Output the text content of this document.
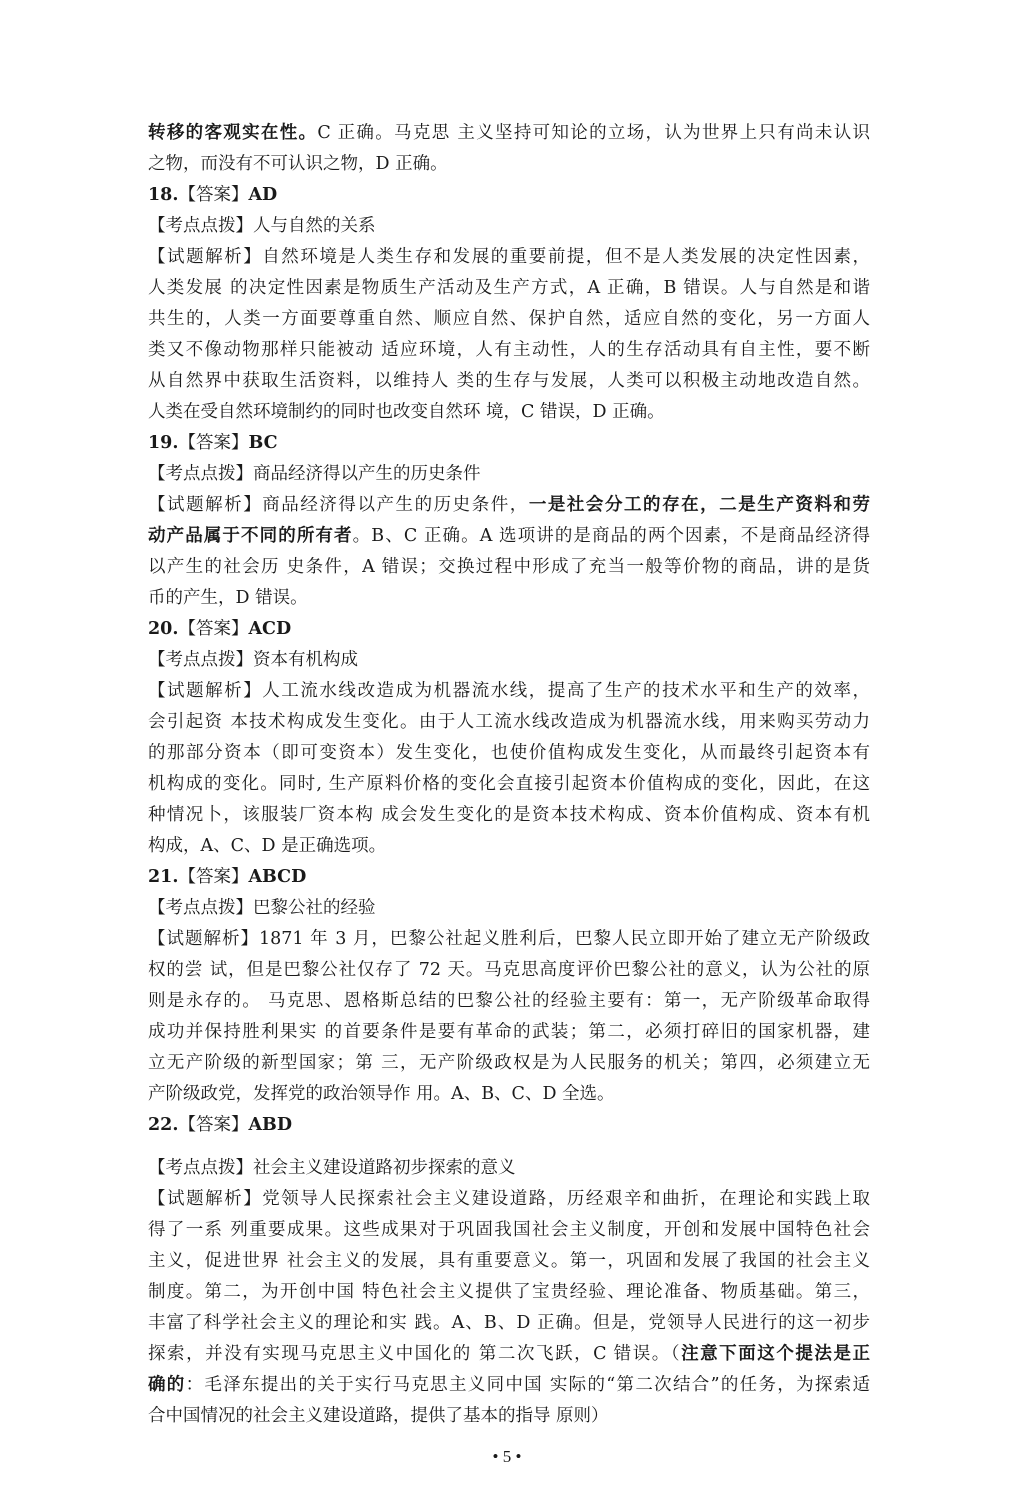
转移的客观实在性。C 正确。马克思 主义坚持可知论的立场，认为世界上只有尚未认识
之物，而没有不可认识之物，D 正确。
18.【答案】AD
【考点点拨】人与自然的关系
【试题解析】自然环境是人类生存和发展的重要前提，但不是人类发展的决定性因素，
人类发展 的决定性因素是物质生产活动及生产方式，A 正确，B 错误。人与自然是和谐
共生的，人类一方面要尊重自然、顺应自然、保护自然，适应自然的变化，另一方面人
类又不像动物那样只能被动 适应环境，人有主动性，人的生存活动具有自主性，要不断
从自然界中获取生活资料，以维持人 类的生存与发展，人类可以积极主动地改造自然。
人类在受自然环境制约的同时也改变自然环 境，C 错误，D 正确。
19.【答案】BC
【考点点拨】商品经济得以产生的历史条件
【试题解析】商品经济得以产生的历史条件，一是社会分工的存在，二是生产资料和劳
动产品属于不同的所有者。B、C 正确。A 选项讲的是商品的两个因素，不是商品经济得
以产生的社会历 史条件，A 错误；交换过程中形成了充当一般等价物的商品，讲的是货
币的产生，D 错误。
20.【答案】ACD
【考点点拨】资本有机构成
【试题解析】人工流水线改造成为机器流水线，提高了生产的技术水平和生产的效率，
会引起资 本技术构成发生变化。由于人工流水线改造成为机器流水线，用来购买劳动力
的那部分资本（即可变资本）发生变化，也使价值构成发生变化，从而最终引起资本有
机构成的变化。同时, 生产原料价格的变化会直接引起资本价值构成的变化，因此，在这
种情况卜，该服装厂资本构 成会发生变化的是资本技术构成、资本价值构成、资本有机
构成，A、C、D 是正确选项。
21.【答案】ABCD
【考点点拨】巴黎公社的经验
【试题解析】1871 年 3 月，巴黎公社起义胜利后，巴黎人民立即开始了建立无产阶级政
权的尝 试，但是巴黎公社仅存了 72 天。马克思高度评价巴黎公社的意义，认为公社的原
则是永存的。 马克思、恩格斯总结的巴黎公社的经验主要有：第一，无产阶级革命取得
成功并保持胜利果实 的首要条件是要有革命的武装；第二，必须打碎旧的国家机器，建
立无产阶级的新型国家；第 三，无产阶级政权是为人民服务的机关；第四，必须建立无
产阶级政党，发挥党的政治领导作 用。A、B、C、D 全选。
22.【答案】ABD
【考点点拨】社会主义建设道路初步探索的意义
【试题解析】党领导人民探索社会主义建设道路，历经艰辛和曲折，在理论和实践上取
得了一系 列重要成果。这些成果对于巩固我国社会主义制度，开创和发展中国特色社会
主义，促进世界 社会主义的发展，具有重要意义。第一，巩固和发展了我国的社会主义
制度。第二，为开创中国 特色社会主义提供了宝贵经验、理论准备、物质基础。第三，
丰富了科学社会主义的理论和实 践。A、B、D 正确。但是，党领导人民进行的这一初步
探索，并没有实现马克思主义中国化的 第二次飞跃，C 错误。（注意下面这个提法是正
确的：毛泽东提出的关于实行马克思主义同中国 实际的“第二次结合”的任务，为探索适
合中国情况的社会主义建设道路，提供了基本的指导 原则）
• 5 •
